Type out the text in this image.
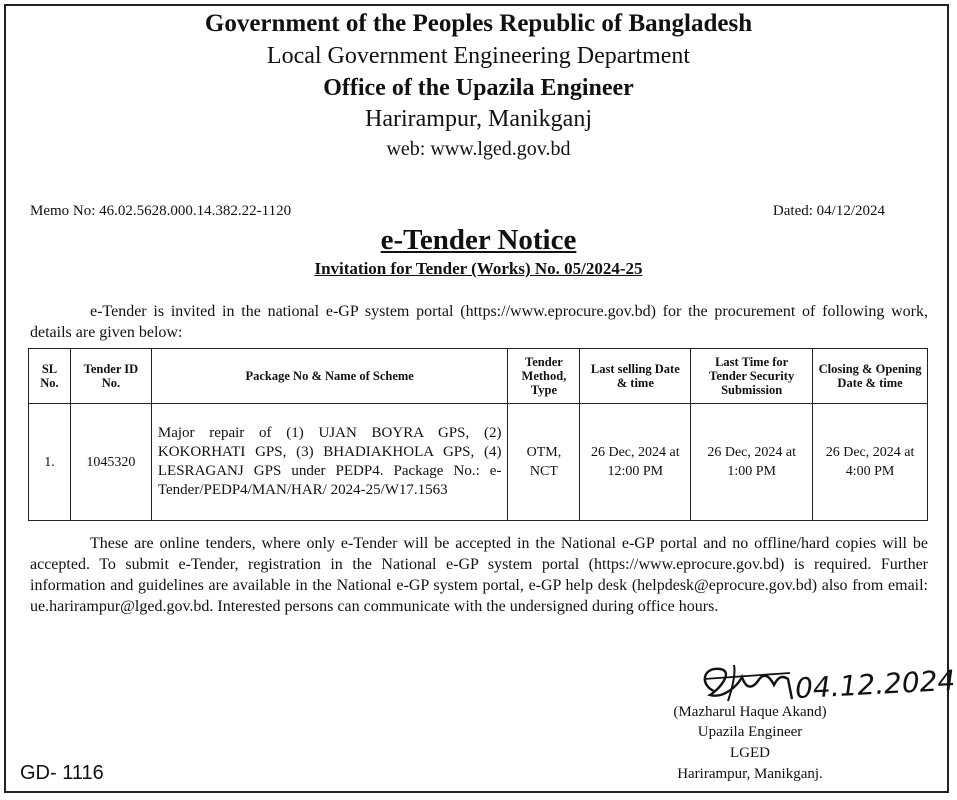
Government of the Peoples Republic of Bangladesh
Local Government Engineering Department
Office of the Upazila Engineer
Harirampur, Manikganj
web: www.lged.gov.bd
Memo No: 46.02.5628.000.14.382.22-1120	Dated: 04/12/2024
e-Tender Notice
Invitation for Tender (Works) No. 05/2024-25
e-Tender is invited in the national e-GP system portal (https://www.eprocure.gov.bd) for the procurement of following work, details are given below:
SL No.	Tender ID No.	Package No & Name of Scheme	Tender Method, Type	Last selling Date & time	Last Time for Tender Security Submission	Closing & Opening Date & time
1.	1045320	Major repair of (1) UJAN BOYRA GPS, (2) KOKORHATI GPS, (3) BHADIAKHOLA GPS, (4) LESRAGANJ GPS under PEDP4. Package No.: e-Tender/PEDP4/MAN/HAR/ 2024-25/W17.1563	OTM, NCT	26 Dec, 2024 at 12:00 PM	26 Dec, 2024 at 1:00 PM	26 Dec, 2024 at 4:00 PM
These are online tenders, where only e-Tender will be accepted in the National e-GP portal and no offline/hard copies will be accepted. To submit e-Tender, registration in the National e-GP system portal (https://www.eprocure.gov.bd) is required. Further information and guidelines are available in the National e-GP system portal, e-GP help desk (helpdesk@eprocure.gov.bd) also from email: ue.harirampur@lged.gov.bd. Interested persons can communicate with the undersigned during office hours.
04.12.2024
(Mazharul Haque Akand)
Upazila Engineer
LGED
Harirampur, Manikganj.
GD- 1116
